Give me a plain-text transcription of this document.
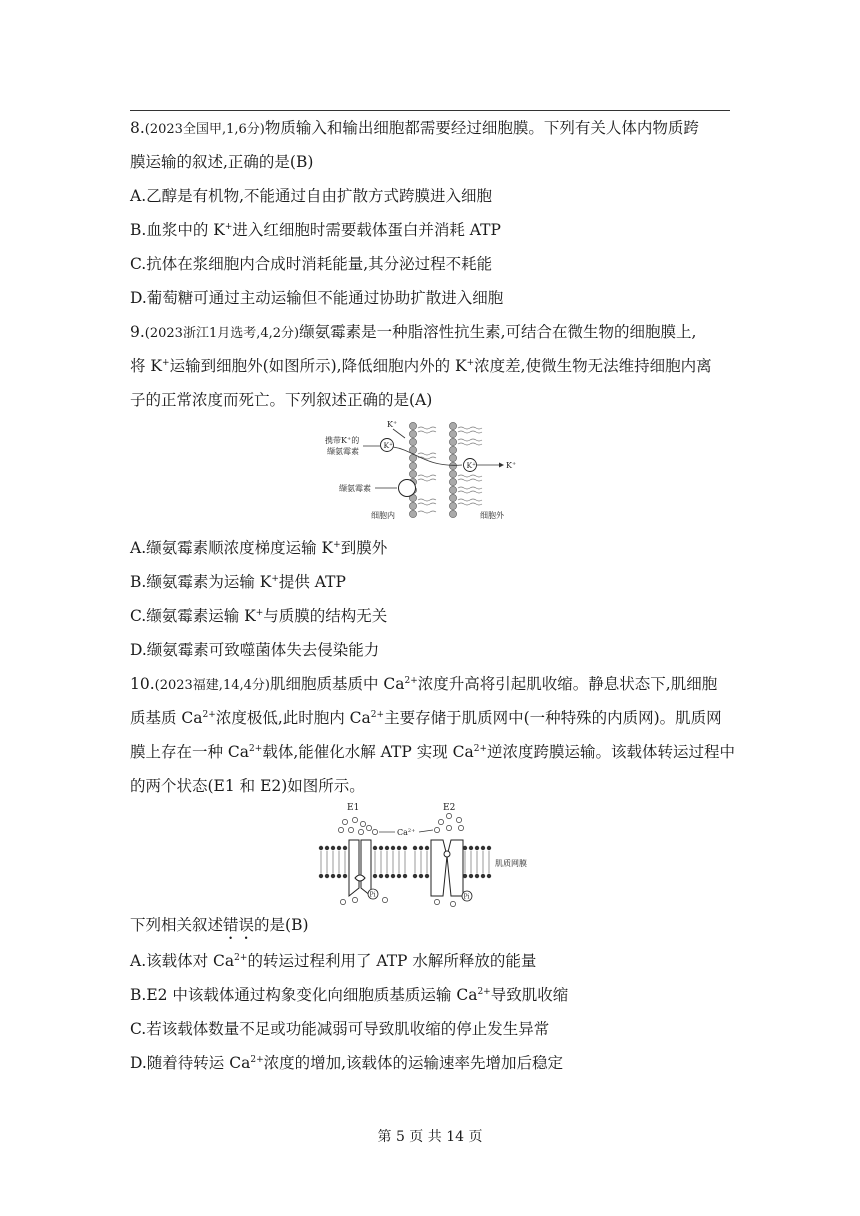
8.(2023全国甲,1,6分)物质输入和输出细胞都需要经过细胞膜。下列有关人体内物质跨
膜运输的叙述,正确的是(B)
A.乙醇是有机物,不能通过自由扩散方式跨膜进入细胞
B.血浆中的 K+进入红细胞时需要载体蛋白并消耗 ATP
C.抗体在浆细胞内合成时消耗能量,其分泌过程不耗能
D.葡萄糖可通过主动运输但不能通过协助扩散进入细胞
9.(2023浙江1月选考,4,2分)缬氨霉素是一种脂溶性抗生素,可结合在微生物的细胞膜上,
将 K+运输到细胞外(如图所示),降低细胞内外的 K+浓度差,使微生物无法维持细胞内离
子的正常浓度而死亡。下列叙述正确的是(A)
K+
携带K+的
缬氨霉素
K+
K+	K+
缬氨霉素
细胞内	细胞外
A.缬氨霉素顺浓度梯度运输 K+到膜外
B.缬氨霉素为运输 K+提供 ATP
C.缬氨霉素运输 K+与质膜的结构无关
D.缬氨霉素可致噬菌体失去侵染能力
10.(2023福建,14,4分)肌细胞质基质中 $Ca^{2+}$浓度升高将引起肌收缩。静息状态下,肌细胞
质基质 $Ca^{2+}$浓度极低,此时胞内 $Ca^{2+}$主要存储于肌质网中(一种特殊的内质网)。肌质网
膜上存在一种 $Ca^{2+}$载体,能催化水解 ATP 实现 $Ca^{2+}$逆浓度跨膜运输。该载体转运过程中
的两个状态(E1 和 E2)如图所示。
E1	E2
$Ca^{2+}$
Pi	Pi
肌质网膜
下列相关叙述错误的是(B)
A.该载体对 $Ca^{2+}$的转运过程利用了 ATP 水解所释放的能量
B.E2 中该载体通过构象变化向细胞质基质运输 $Ca^{2+}$导致肌收缩
C.若该载体数量不足或功能减弱可导致肌收缩的停止发生异常
D.随着待转运 $Ca^{2+}$浓度的增加,该载体的运输速率先增加后稳定
第 5 页 共 14 页
